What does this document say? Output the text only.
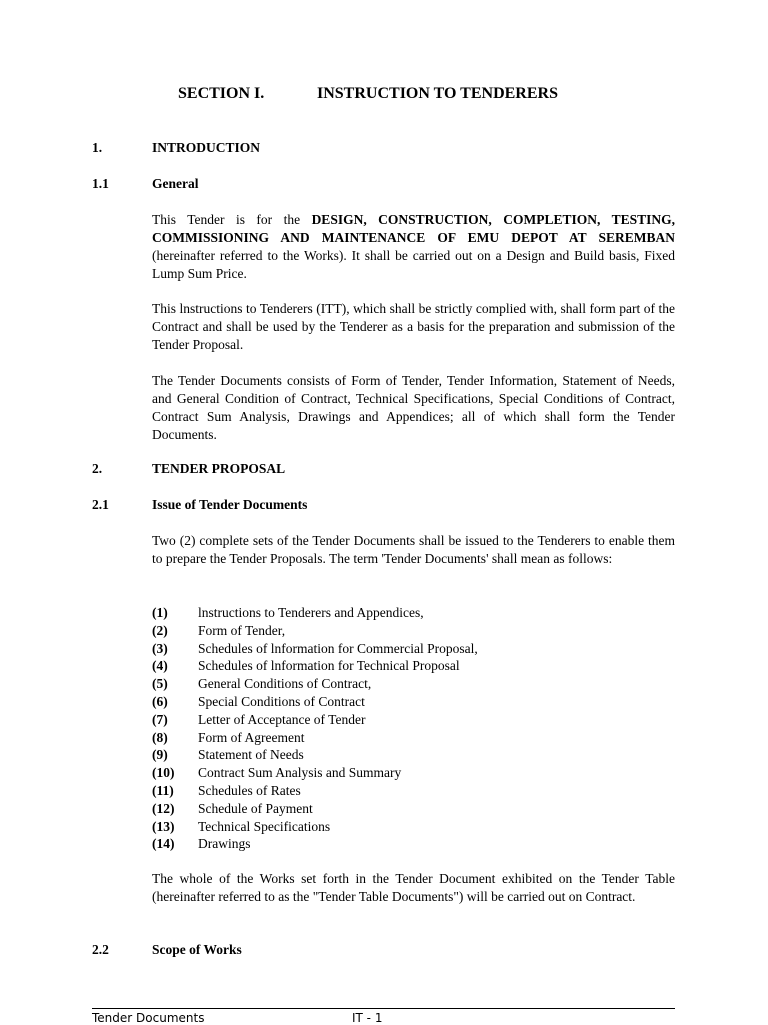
SECTION I.	INSTRUCTION TO TENDERERS
1.	INTRODUCTION
1.1	General
This Tender is for the DESIGN, CONSTRUCTION, COMPLETION, TESTING, COMMISSIONING AND MAINTENANCE OF EMU DEPOT AT SEREMBAN (hereinafter referred to the Works). It shall be carried out on a Design and Build basis, Fixed Lump Sum Price.
This lnstructions to Tenderers (ITT), which shall be strictly complied with, shall form part of the Contract and shall be used by the Tenderer as a basis for the preparation and submission of the Tender Proposal.
The Tender Documents consists of Form of Tender, Tender Information, Statement of Needs, and General Condition of Contract, Technical Specifications, Special Conditions of Contract, Contract Sum Analysis, Drawings and Appendices; all of which shall form the Tender Documents.
2.	TENDER PROPOSAL
2.1	Issue of Tender Documents
Two (2) complete sets of the Tender Documents shall be issued to the Tenderers to enable them to prepare the Tender Proposals. The term 'Tender Documents' shall mean as follows:
(1) lnstructions to Tenderers and Appendices,
(2) Form of Tender,
(3) Schedules of lnformation for Commercial Proposal,
(4) Schedules of lnformation for Technical Proposal
(5) General Conditions of Contract,
(6) Special Conditions of Contract
(7) Letter of Acceptance of Tender
(8) Form of Agreement
(9) Statement of Needs
(10) Contract Sum Analysis and Summary
(11) Schedules of Rates
(12) Schedule of Payment
(13) Technical Specifications
(14) Drawings
The whole of the Works set forth in the Tender Document exhibited on the Tender Table (hereinafter referred to as the "Tender Table Documents") will be carried out on Contract.
2.2	Scope of Works
Tender Documents	IT - 1
